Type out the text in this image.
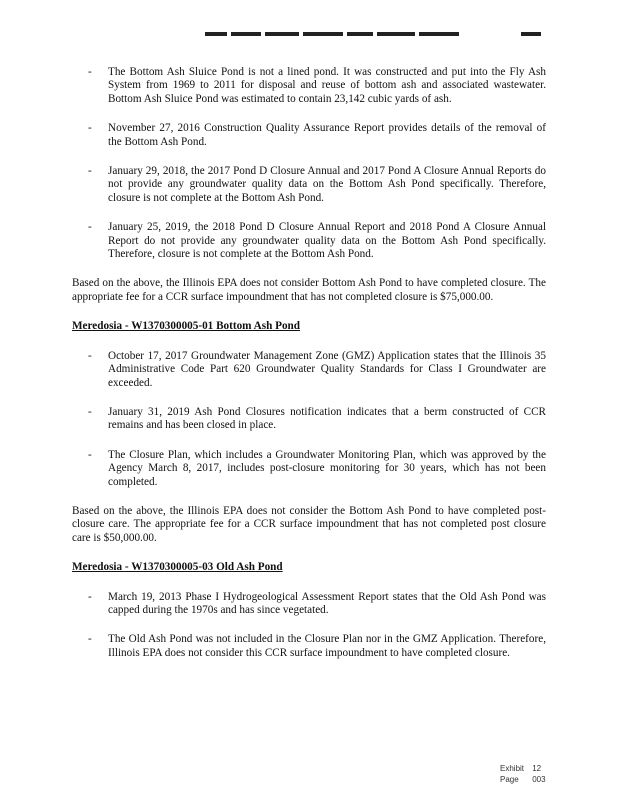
- The Bottom Ash Sluice Pond is not a lined pond. It was constructed and put into the Fly Ash System from 1969 to 2011 for disposal and reuse of bottom ash and associated wastewater. Bottom Ash Sluice Pond was estimated to contain 23,142 cubic yards of ash.
- November 27, 2016 Construction Quality Assurance Report provides details of the removal of the Bottom Ash Pond.
- January 29, 2018, the 2017 Pond D Closure Annual and 2017 Pond A Closure Annual Reports do not provide any groundwater quality data on the Bottom Ash Pond specifically. Therefore, closure is not complete at the Bottom Ash Pond.
- January 25, 2019, the 2018 Pond D Closure Annual Report and 2018 Pond A Closure Annual Report do not provide any groundwater quality data on the Bottom Ash Pond specifically. Therefore, closure is not complete at the Bottom Ash Pond.
Based on the above, the Illinois EPA does not consider Bottom Ash Pond to have completed closure. The appropriate fee for a CCR surface impoundment that has not completed closure is $75,000.00.
Meredosia - W1370300005-01 Bottom Ash Pond
- October 17, 2017 Groundwater Management Zone (GMZ) Application states that the Illinois 35 Administrative Code Part 620 Groundwater Quality Standards for Class I Groundwater are exceeded.
- January 31, 2019 Ash Pond Closures notification indicates that a berm constructed of CCR remains and has been closed in place.
- The Closure Plan, which includes a Groundwater Monitoring Plan, which was approved by the Agency March 8, 2017, includes post-closure monitoring for 30 years, which has not been completed.
Based on the above, the Illinois EPA does not consider the Bottom Ash Pond to have completed post-closure care. The appropriate fee for a CCR surface impoundment that has not completed post closure care is $50,000.00.
Meredosia - W1370300005-03 Old Ash Pond
- March 19, 2013 Phase I Hydrogeological Assessment Report states that the Old Ash Pond was capped during the 1970s and has since vegetated.
- The Old Ash Pond was not included in the Closure Plan nor in the GMZ Application. Therefore, Illinois EPA does not consider this CCR surface impoundment to have completed closure.
Exhibit 12
Page 003
